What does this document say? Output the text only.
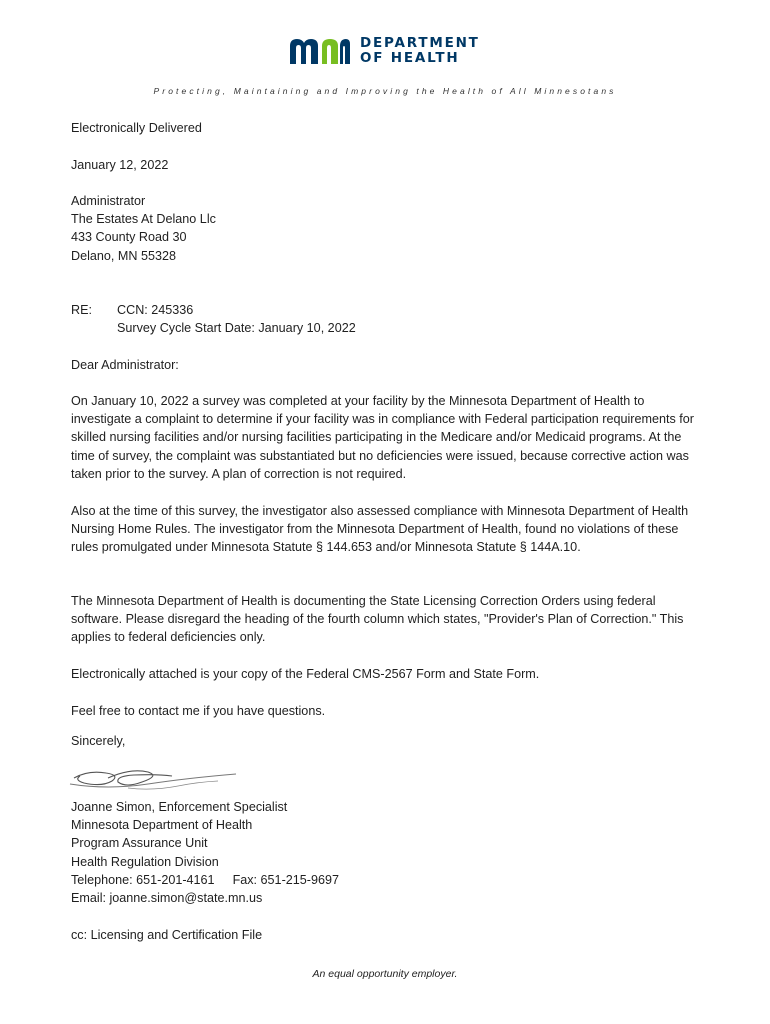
DEPARTMENT
OF HEALTH
Protecting, Maintaining and Improving the Health of All Minnesotans

Electronically Delivered

January 12, 2022

Administrator

The Estates At Delano Llc

433 County Road 30

Delano, MN 55328

RE: CCN: 245336

Survey Cycle Start Date: January 10, 2022

Dear Administrator:

On January 10, 2022 a survey was completed at your facility by the Minnesota Department of Health to investigate a complaint to determine if your facility was in compliance with Federal participation requirements for skilled nursing facilities and/or nursing facilities participating in the Medicare and/or Medicaid programs. At the time of survey, the complaint was substantiated but no deficiencies were issued, because corrective action was taken prior to the survey. A plan of correction is not required.

Also at the time of this survey, the investigator also assessed compliance with Minnesota Department of Health Nursing Home Rules. The investigator from the Minnesota Department of Health, found no violations of these rules promulgated under Minnesota Statute § 144.653 and/or Minnesota Statute § 144A.10.

The Minnesota Department of Health is documenting the State Licensing Correction Orders using federal software. Please disregard the heading of the fourth column which states, "Provider's Plan of Correction." This applies to federal deficiencies only.

Electronically attached is your copy of the Federal CMS-2567 Form and State Form.

Feel free to contact me if you have questions.

Sincerely,

Joanne Simon, Enforcement Specialist

Minnesota Department of Health

Program Assurance Unit

Health Regulation Division

Telephone: 651-201-4161 Fax: 651-215-9697

Email: joanne.simon@state.mn.us

cc: Licensing and Certification File

An equal opportunity employer.
